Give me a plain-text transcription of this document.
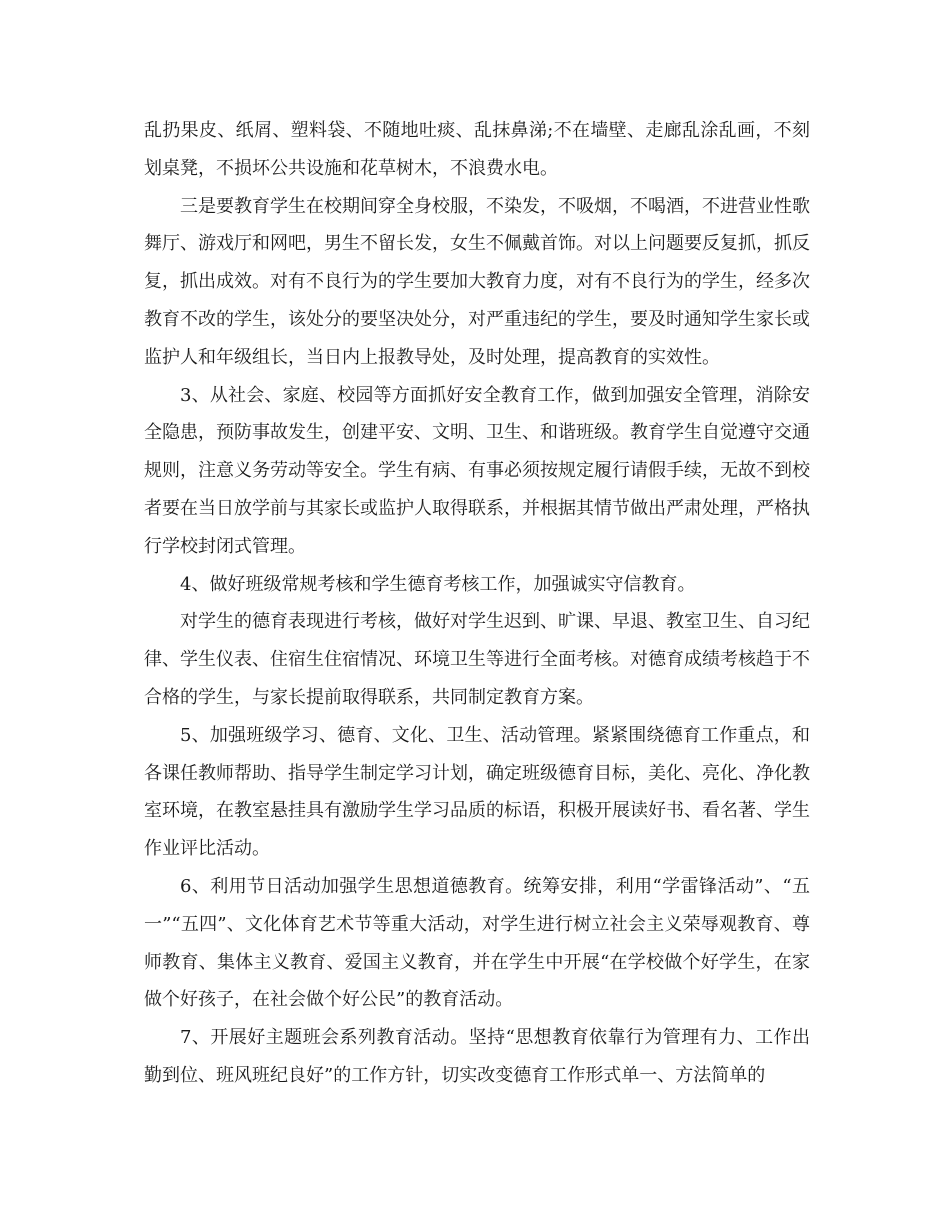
乱扔果皮、纸屑、塑料袋、不随地吐痰、乱抹鼻涕;不在墙壁、走廊乱涂乱画，不刻划桌凳，不损坏公共设施和花草树木，不浪费水电。

三是要教育学生在校期间穿全身校服，不染发，不吸烟，不喝酒，不进营业性歌舞厅、游戏厅和网吧，男生不留长发，女生不佩戴首饰。对以上问题要反复抓，抓反复，抓出成效。对有不良行为的学生要加大教育力度，对有不良行为的学生，经多次教育不改的学生，该处分的要坚决处分，对严重违纪的学生，要及时通知学生家长或监护人和年级组长，当日内上报教导处，及时处理，提高教育的实效性。

3、从社会、家庭、校园等方面抓好安全教育工作，做到加强安全管理，消除安全隐患，预防事故发生，创建平安、文明、卫生、和谐班级。教育学生自觉遵守交通规则，注意义务劳动等安全。学生有病、有事必须按规定履行请假手续，无故不到校者要在当日放学前与其家长或监护人取得联系，并根据其情节做出严肃处理，严格执行学校封闭式管理。

4、做好班级常规考核和学生德育考核工作，加强诚实守信教育。

对学生的德育表现进行考核，做好对学生迟到、旷课、早退、教室卫生、自习纪律、学生仪表、住宿生住宿情况、环境卫生等进行全面考核。对德育成绩考核趋于不合格的学生，与家长提前取得联系，共同制定教育方案。

5、加强班级学习、德育、文化、卫生、活动管理。紧紧围绕德育工作重点，和各课任教师帮助、指导学生制定学习计划，确定班级德育目标，美化、亮化、净化教室环境，在教室悬挂具有激励学生学习品质的标语，积极开展读好书、看名著、学生作业评比活动。

6、利用节日活动加强学生思想道德教育。统筹安排，利用“学雷锋活动”、“五一”“五四”、文化体育艺术节等重大活动，对学生进行树立社会主义荣辱观教育、尊师教育、集体主义教育、爱国主义教育，并在学生中开展“在学校做个好学生，在家做个好孩子，在社会做个好公民”的教育活动。

7、开展好主题班会系列教育活动。坚持“思想教育依靠行为管理有力、工作出勤到位、班风班纪良好”的工作方针，切实改变德育工作形式单一、方法简单的
